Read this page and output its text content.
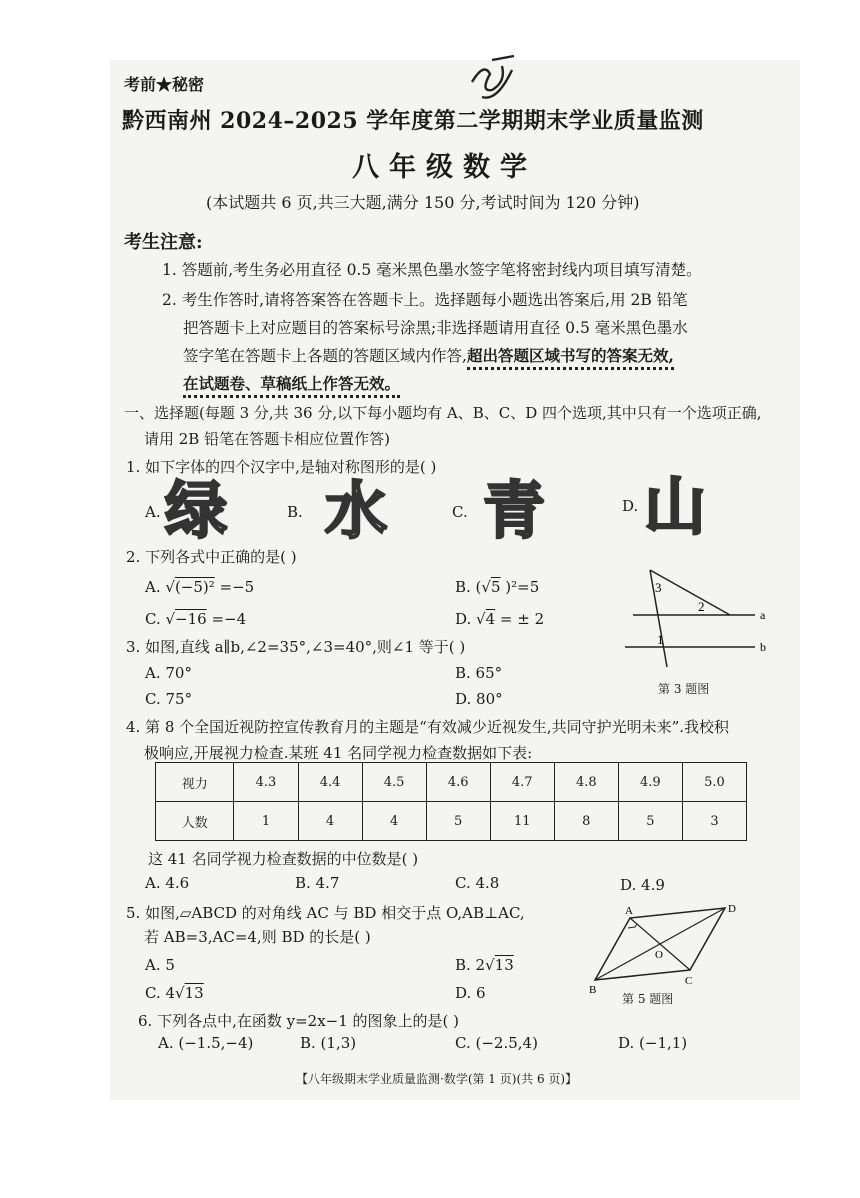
考前★秘密
黔西南州 2024–2025 学年度第二学期期末学业质量监测
八年级数学
(本试题共 6 页,共三大题,满分 150 分,考试时间为 120 分钟)
考生注意:
1. 答题前,考生务必用直径 0.5 毫米黑色墨水签字笔将密封线内项目填写清楚。
2. 考生作答时,请将答案答在答题卡上。选择题每小题选出答案后,用 2B 铅笔
把答题卡上对应题目的答案标号涂黑;非选择题请用直径 0.5 毫米黑色墨水
签字笔在答题卡上各题的答题区域内作答,超出答题区域书写的答案无效,
在试题卷、草稿纸上作答无效。
一、选择题(每题 3 分,共 36 分,以下每小题均有 A、B、C、D 四个选项,其中只有一个选项正确,
请用 2B 铅笔在答题卡相应位置作答)
1. 如下字体的四个汉字中,是轴对称图形的是( )
A. 绿	B. 水	C. 青	D. 山
2. 下列各式中正确的是( )
A. √(−5)² =−5	B. (√5 )²=5
C. √−16 =−4	D. √4 = ± 2
3
2
1
a
b
第 3 题图
3. 如图,直线 a∥b,∠2=35°,∠3=40°,则∠1 等于( )
A. 70°	B. 65°
C. 75°	D. 80°
4. 第 8 个全国近视防控宣传教育月的主题是“有效减少近视发生,共同守护光明未来”.我校积
极响应,开展视力检查.某班 41 名同学视力检查数据如下表:
视力	4.3	4.4	4.5	4.6	4.7	4.8	4.9	5.0
人数	1	4	4	5	11	8	5	3
这 41 名同学视力检查数据的中位数是( )
A. 4.6	B. 4.7	C. 4.8	D. 4.9
5. 如图,▱ABCD 的对角线 AC 与 BD 相交于点 O,AB⊥AC,
若 AB=3,AC=4,则 BD 的长是( )
A. 5	B. 2√13
C. 4√13	D. 6
A	D
O
C
B
第 5 题图
6. 下列各点中,在函数 y=2x−1 的图象上的是( )
A. (−1.5,−4)	B. (1,3)	C. (−2.5,4)	D. (−1,1)
【八年级期末学业质量监测·数学(第 1 页)(共 6 页)】
